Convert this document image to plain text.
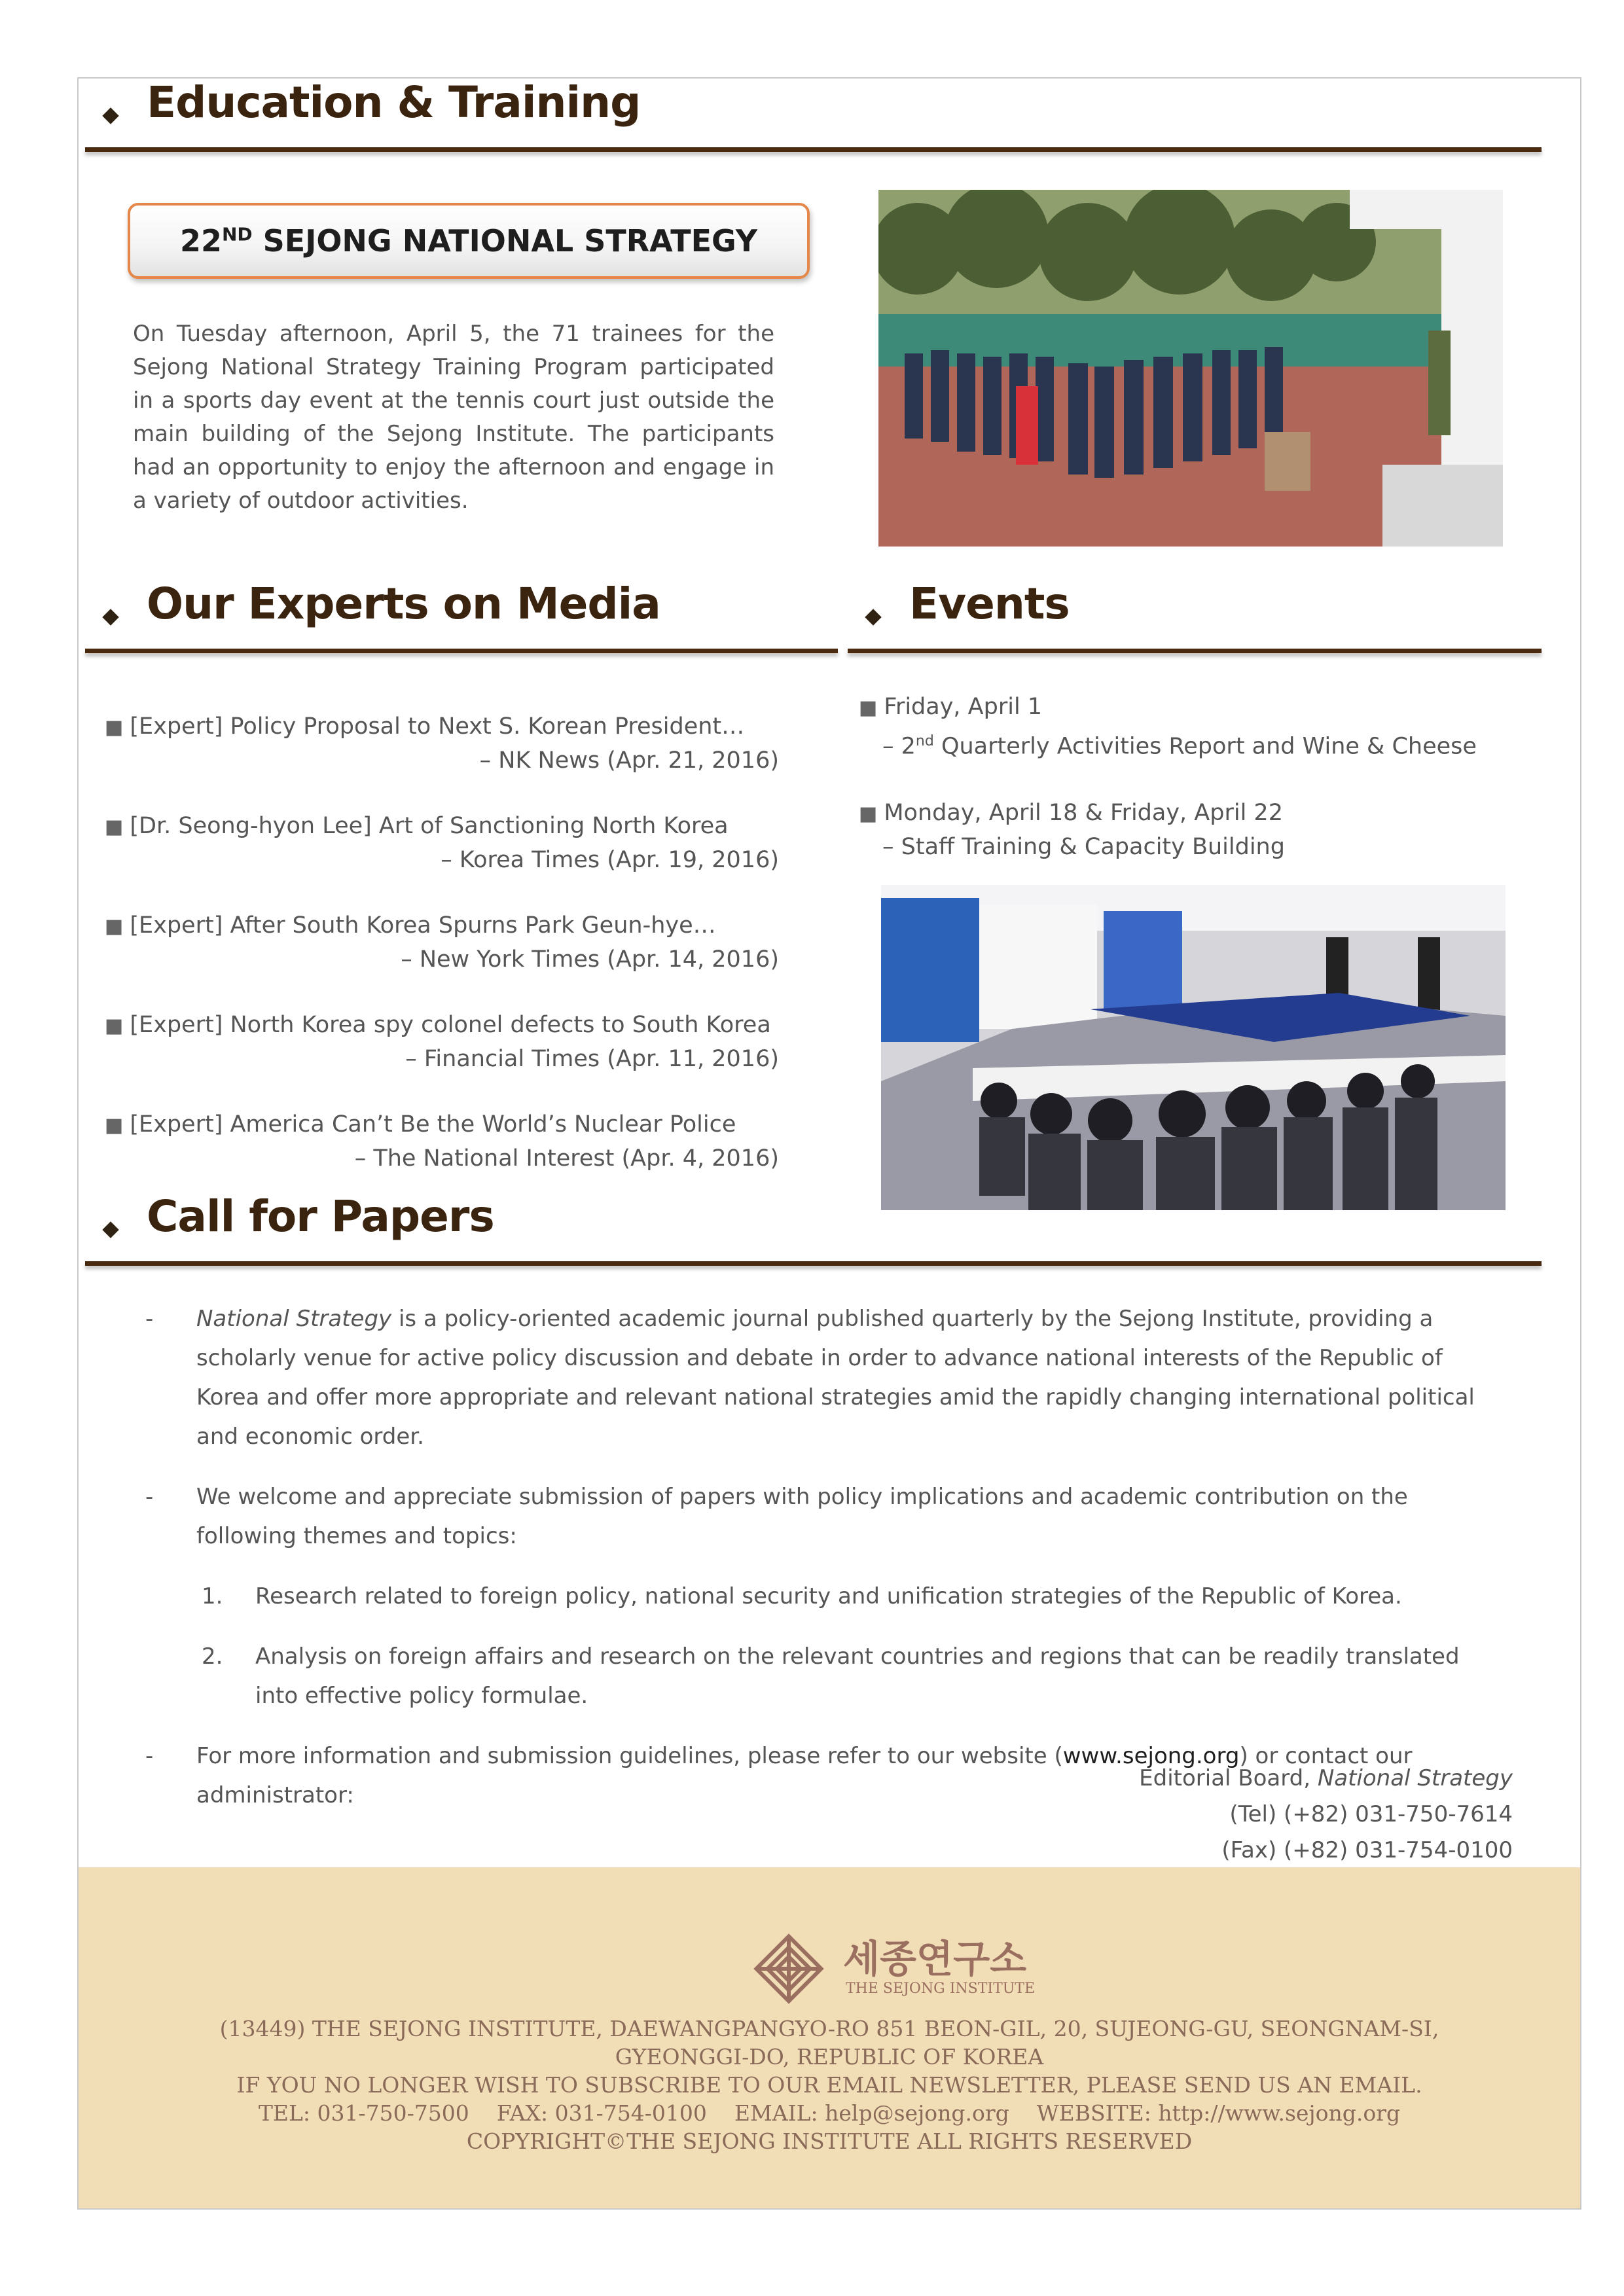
Education & Training
22ND SEJONG NATIONAL STRATEGY
On Tuesday afternoon, April 5, the 71 trainees for the Sejong National Strategy Training Program participated in a sports day event at the tennis court just outside the main building of the Sejong Institute. The participants had an opportunity to enjoy the afternoon and engage in a variety of outdoor activities.
Our Experts on Media	Events
■ [Expert] Policy Proposal to Next S. Korean President…
– NK News (Apr. 21, 2016)
■ [Dr. Seong-hyon Lee] Art of Sanctioning North Korea
– Korea Times (Apr. 19, 2016)
■ [Expert] After South Korea Spurns Park Geun-hye…
– New York Times (Apr. 14, 2016)
■ [Expert] North Korea spy colonel defects to South Korea
– Financial Times (Apr. 11, 2016)
■ [Expert] America Can’t Be the World’s Nuclear Police
– The National Interest (Apr. 4, 2016)
■ Friday, April 1
– 2nd Quarterly Activities Report and Wine & Cheese
■ Monday, April 18 & Friday, April 22
– Staff Training & Capacity Building
Call for Papers
- National Strategy is a policy-oriented academic journal published quarterly by the Sejong Institute, providing a scholarly venue for active policy discussion and debate in order to advance national interests of the Republic of Korea and offer more appropriate and relevant national strategies amid the rapidly changing international political and economic order.
- We welcome and appreciate submission of papers with policy implications and academic contribution on the following themes and topics:
1. Research related to foreign policy, national security and unification strategies of the Republic of Korea.
2. Analysis on foreign affairs and research on the relevant countries and regions that can be readily translated into effective policy formulae.
- For more information and submission guidelines, please refer to our website (www.sejong.org) or contact our administrator:
Editorial Board, National Strategy
(Tel) (+82) 031-750-7614
(Fax) (+82) 031-754-0100
세종연구소
THE SEJONG INSTITUTE
(13449) THE SEJONG INSTITUTE, DAEWANGPANGYO-RO 851 BEON-GIL, 20, SUJEONG-GU, SEONGNAM-SI,
GYEONGGI-DO, REPUBLIC OF KOREA
IF YOU NO LONGER WISH TO SUBSCRIBE TO OUR EMAIL NEWSLETTER, PLEASE SEND US AN EMAIL.
TEL: 031-750-7500    FAX: 031-754-0100    EMAIL: help@sejong.org    WEBSITE: http://www.sejong.org
COPYRIGHT©THE SEJONG INSTITUTE ALL RIGHTS RESERVED
